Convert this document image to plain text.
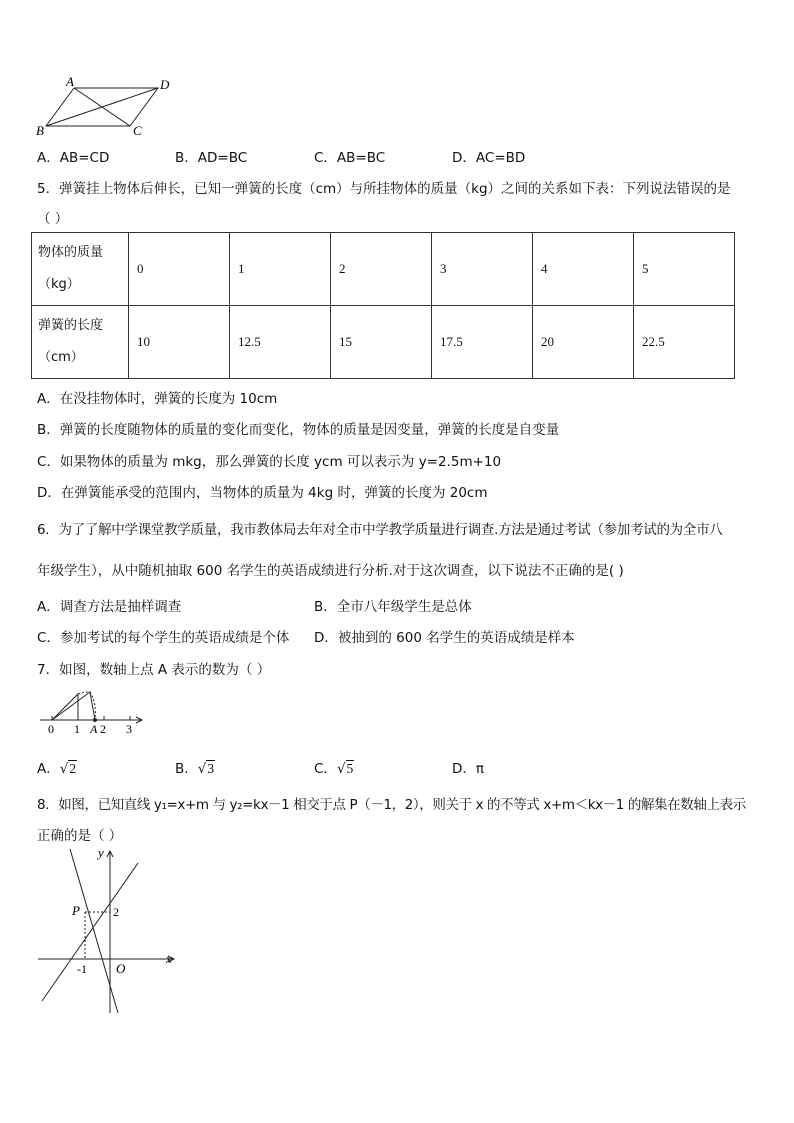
A	D
B	C
A．AB=CD	B．AD=BC	C．AB=BC	D．AC=BD
5．弹簧挂上物体后伸长，已知一弹簧的长度（cm）与所挂物体的质量（kg）之间的关系如下表：下列说法错误的是
（ ）
物体的质量
（kg）	0	1	2	3	4	5

弹簧的长度
（cm）	10	12.5	15	17.5	20	22.5
A．在没挂物体时，弹簧的长度为 10cm
B．弹簧的长度随物体的质量的变化而变化，物体的质量是因变量，弹簧的长度是自变量
C．如果物体的质量为 mkg，那么弹簧的长度 ycm 可以表示为 y=2.5m+10
D．在弹簧能承受的范围内，当物体的质量为 4kg 时，弹簧的长度为 20cm
6．为了了解中学课堂教学质量，我市教体局去年对全市中学教学质量进行调查.方法是通过考试（参加考试的为全市八
年级学生），从中随机抽取 600 名学生的英语成绩进行分析.对于这次调查，以下说法不正确的是( )
A．调查方法是抽样调查	B．全市八年级学生是总体
C．参加考试的每个学生的英语成绩是个体 D．被抽到的 600 名学生的英语成绩是样本
7．如图，数轴上点 A 表示的数为（ ）
0 1 A 2 3
A．√2	B．√3	C．√5	D．π
8．如图，已知直线 y₁=x+m 与 y₂=kx－1 相交于点 P（－1，2），则关于 x 的不等式 x+m＜kx－1 的解集在数轴上表示
正确的是（ ）
y
x
P	2
-1 O
